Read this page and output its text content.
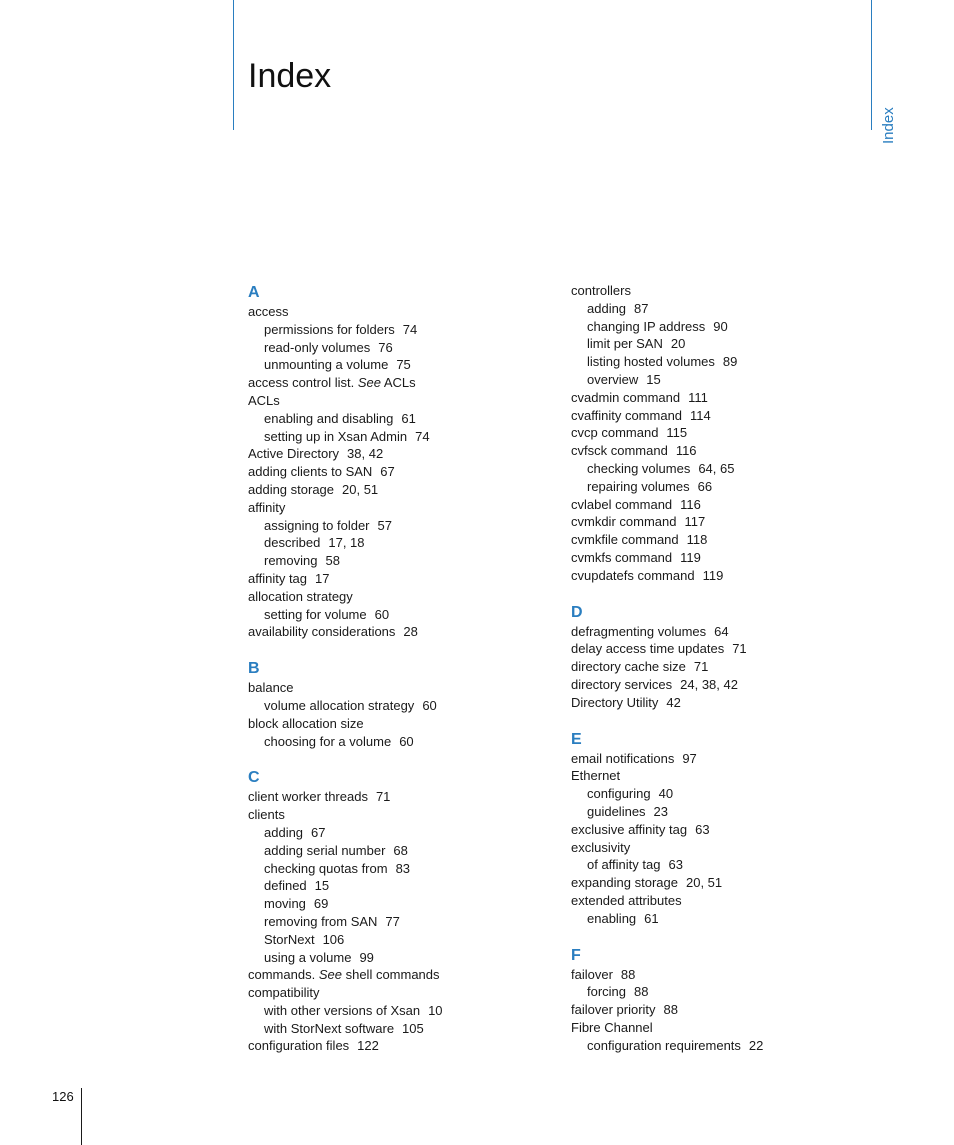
Index
Index
126
A
access
permissions for folders 74
read-only volumes 76
unmounting a volume 75
access control list. See ACLs
ACLs
enabling and disabling 61
setting up in Xsan Admin 74
Active Directory 38, 42
adding clients to SAN 67
adding storage 20, 51
affinity
assigning to folder 57
described 17, 18
removing 58
affinity tag 17
allocation strategy
setting for volume 60
availability considerations 28
B
balance
volume allocation strategy 60
block allocation size
choosing for a volume 60
C
client worker threads 71
clients
adding 67
adding serial number 68
checking quotas from 83
defined 15
moving 69
removing from SAN 77
StorNext 106
using a volume 99
commands. See shell commands
compatibility
with other versions of Xsan 10
with StorNext software 105
configuration files 122
controllers
adding 87
changing IP address 90
limit per SAN 20
listing hosted volumes 89
overview 15
cvadmin command 111
cvaffinity command 114
cvcp command 115
cvfsck command 116
checking volumes 64, 65
repairing volumes 66
cvlabel command 116
cvmkdir command 117
cvmkfile command 118
cvmkfs command 119
cvupdatefs command 119
D
defragmenting volumes 64
delay access time updates 71
directory cache size 71
directory services 24, 38, 42
Directory Utility 42
E
email notifications 97
Ethernet
configuring 40
guidelines 23
exclusive affinity tag 63
exclusivity
of affinity tag 63
expanding storage 20, 51
extended attributes
enabling 61
F
failover 88
forcing 88
failover priority 88
Fibre Channel
configuration requirements 22
